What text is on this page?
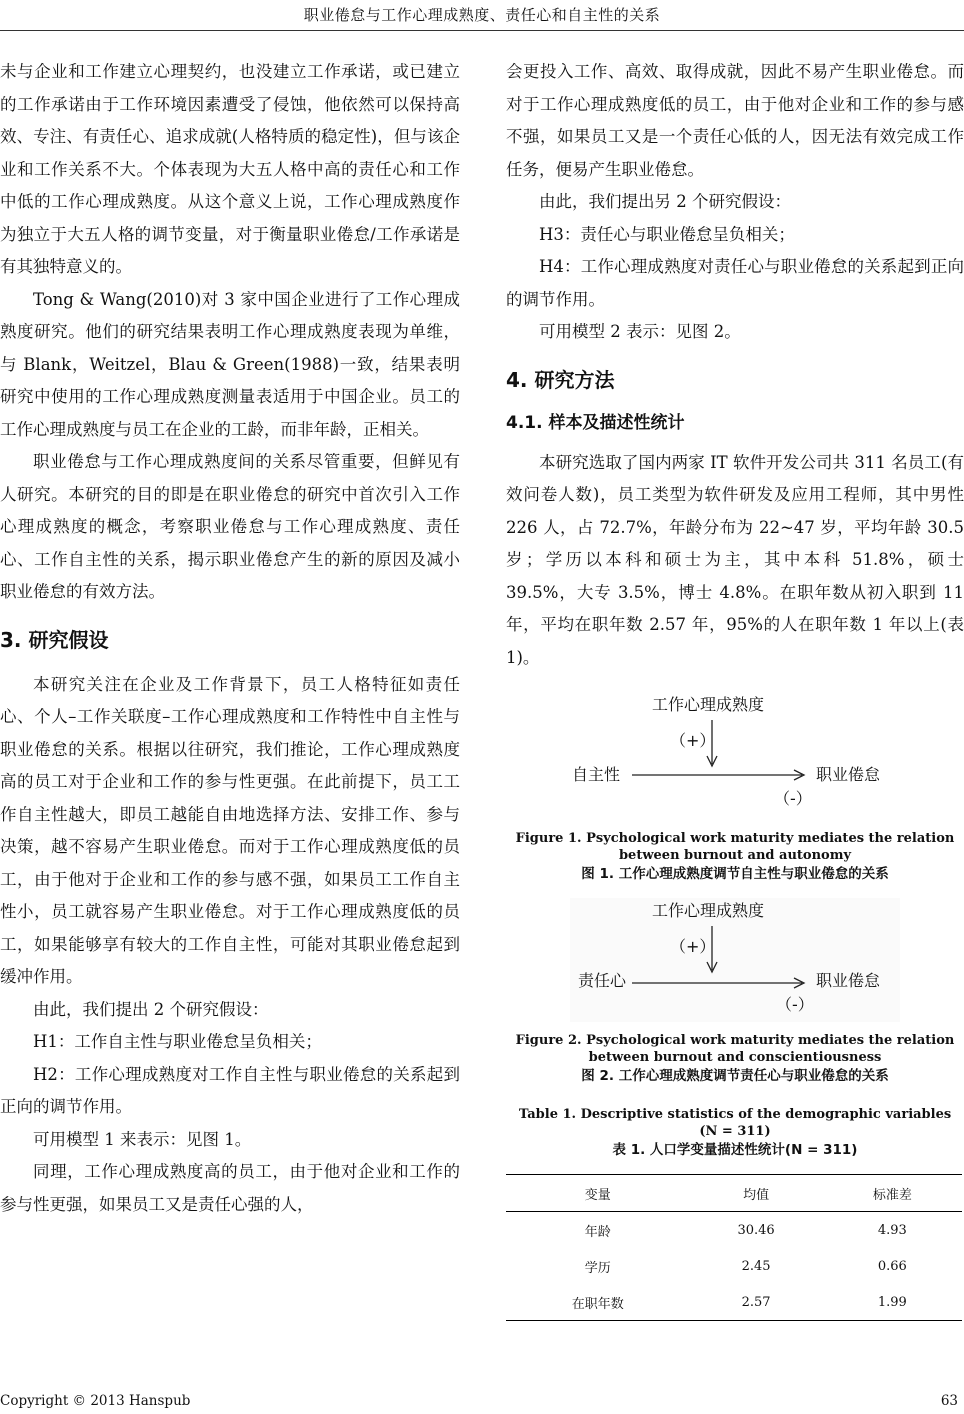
职业倦怠与工作心理成熟度、责任心和自主性的关系

未与企业和工作建立心理契约，也没建立工作承诺，或已建立的工作承诺由于工作环境因素遭受了侵蚀，他依然可以保持高效、专注、有责任心、追求成就(人格特质的稳定性)，但与该企业和工作关系不大。个体表现为大五人格中高的责任心和工作中低的工作心理成熟度。从这个意义上说，工作心理成熟度作为独立于大五人格的调节变量，对于衡量职业倦怠/工作承诺是有其独特意义的。

Tong & Wang(2010)对 3 家中国企业进行了工作心理成熟度研究。他们的研究结果表明工作心理成熟度表现为单维，与 Blank，Weitzel，Blau & Green(1988)一致，结果表明研究中使用的工作心理成熟度测量表适用于中国企业。员工的工作心理成熟度与员工在企业的工龄，而非年龄，正相关。

职业倦怠与工作心理成熟度间的关系尽管重要，但鲜见有人研究。本研究的目的即是在职业倦怠的研究中首次引入工作心理成熟度的概念，考察职业倦怠与工作心理成熟度、责任心、工作自主性的关系，揭示职业倦怠产生的新的原因及减小职业倦怠的有效方法。

3. 研究假设

本研究关注在企业及工作背景下，员工人格特征如责任心、个人–工作关联度–工作心理成熟度和工作特性中自主性与职业倦怠的关系。根据以往研究，我们推论，工作心理成熟度高的员工对于企业和工作的参与性更强。在此前提下，员工工作自主性越大，即员工越能自由地选择方法、安排工作、参与决策，越不容易产生职业倦怠。而对于工作心理成熟度低的员工，由于他对于企业和工作的参与感不强，如果员工工作自主性小，员工就容易产生职业倦怠。对于工作心理成熟度低的员工，如果能够享有较大的工作自主性，可能对其职业倦怠起到缓冲作用。

由此，我们提出 2 个研究假设：

H1：工作自主性与职业倦怠呈负相关；

H2：工作心理成熟度对工作自主性与职业倦怠的关系起到正向的调节作用。

可用模型 1 来表示：见图 1。

同理，工作心理成熟度高的员工，由于他对企业和工作的参与性更强，如果员工又是责任心强的人，

会更投入工作、高效、取得成就，因此不易产生职业倦怠。而对于工作心理成熟度低的员工，由于他对企业和工作的参与感不强，如果员工又是一个责任心低的人，因无法有效完成工作任务，便易产生职业倦怠。

由此，我们提出另 2 个研究假设：

H3：责任心与职业倦怠呈负相关；

H4：工作心理成熟度对责任心与职业倦怠的关系起到正向的调节作用。

可用模型 2 表示：见图 2。

4. 研究方法
4.1. 样本及描述性统计

本研究选取了国内两家 IT 软件开发公司共 311 名员工(有效问卷人数)，员工类型为软件研发及应用工程师，其中男性 226 人，占 72.7%，年龄分布为 22~47 岁，平均年龄 30.5 岁；学历以本科和硕士为主，其中本科 51.8%，硕士 39.5%，大专 3.5%，博士 4.8%。在职年数从初入职到 11 年，平均在职年数 2.57 年，95%的人在职年数 1 年以上(表 1)。

工作心理成熟度
（+）
自主性	职业倦怠
（-）
Figure 1. Psychological work maturity mediates the relation between burnout and autonomy
图 1. 工作心理成熟度调节自主性与职业倦怠的关系
工作心理成熟度
（+）
责任心	职业倦怠
（-）
Figure 2. Psychological work maturity mediates the relation between burnout and conscientiousness
图 2. 工作心理成熟度调节责任心与职业倦怠的关系
Table 1. Descriptive statistics of the demographic variables (N = 311)
表 1. 人口学变量描述性统计(N = 311)
变量	均值	标准差
年龄	30.46	4.93
学历	2.45	0.66
在职年数	2.57	1.99
Copyright © 2013 Hanspub	63
